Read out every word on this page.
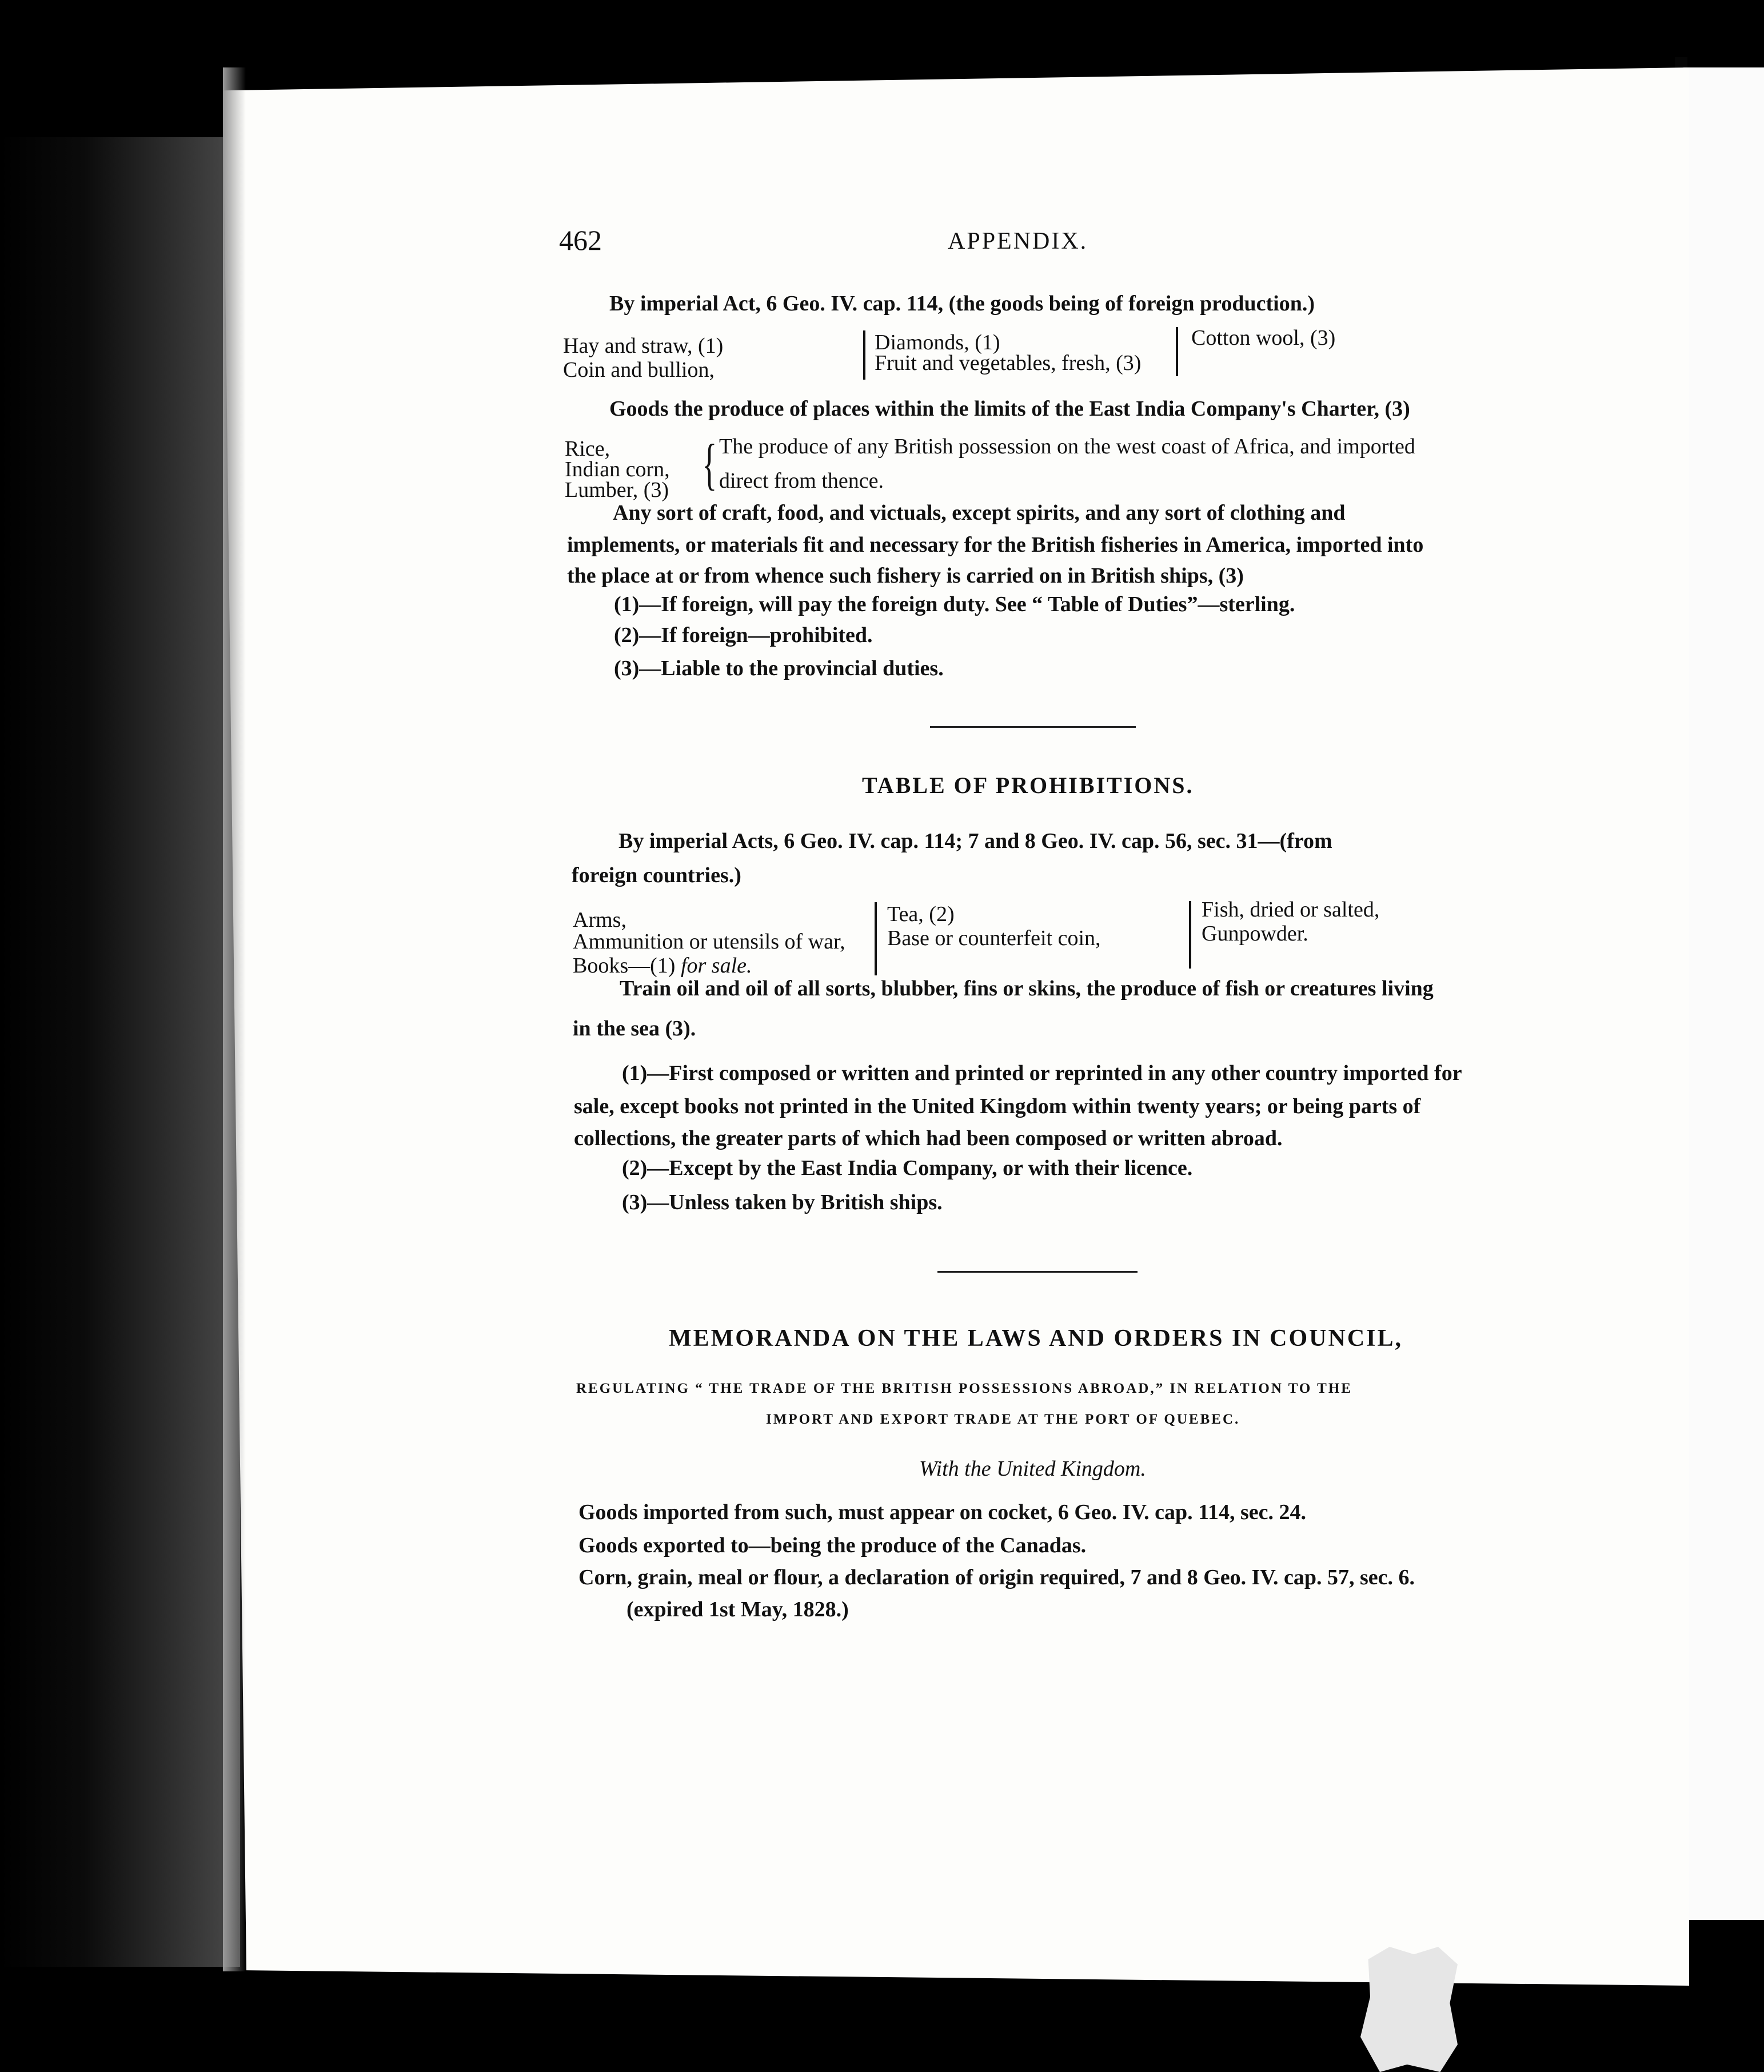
462	APPENDIX.
By imperial Act, 6 Geo. IV. cap. 114, (the goods being of foreign production.)
Hay and straw, (1)
Coin and bullion,
Diamonds, (1)
Fruit and vegetables, fresh, (3)
Cotton wool, (3)
Goods the produce of places within the limits of the East India Company's Charter, (3)
Rice,
Indian corn,
Lumber, (3) { The produce of any British possession on the west coast of Africa, and imported
direct from thence.
Any sort of craft, food, and victuals, except spirits, and any sort of clothing and
implements, or materials fit and necessary for the British fisheries in America, imported into
the place at or from whence such fishery is carried on in British ships, (3)
(1)—If foreign, will pay the foreign duty. See “ Table of Duties”—sterling.
(2)—If foreign—prohibited.
(3)—Liable to the provincial duties.
TABLE OF PROHIBITIONS.
By imperial Acts, 6 Geo. IV. cap. 114; 7 and 8 Geo. IV. cap. 56, sec. 31—(from
foreign countries.)
Arms,
Ammunition or utensils of war,
Books—(1) for sale.
Tea, (2)
Base or counterfeit coin,
Fish, dried or salted,
Gunpowder.
Train oil and oil of all sorts, blubber, fins or skins, the produce of fish or creatures living
in the sea (3).
(1)—First composed or written and printed or reprinted in any other country imported for
sale, except books not printed in the United Kingdom within twenty years; or being parts of
collections, the greater parts of which had been composed or written abroad.
(2)—Except by the East India Company, or with their licence.
(3)—Unless taken by British ships.
MEMORANDA ON THE LAWS AND ORDERS IN COUNCIL,
REGULATING “ THE TRADE OF THE BRITISH POSSESSIONS ABROAD,” IN RELATION TO THE
IMPORT AND EXPORT TRADE AT THE PORT OF QUEBEC.
With the United Kingdom.
Goods imported from such, must appear on cocket, 6 Geo. IV. cap. 114, sec. 24.
Goods exported to—being the produce of the Canadas.
Corn, grain, meal or flour, a declaration of origin required, 7 and 8 Geo. IV. cap. 57, sec. 6.
(expired 1st May, 1828.)
